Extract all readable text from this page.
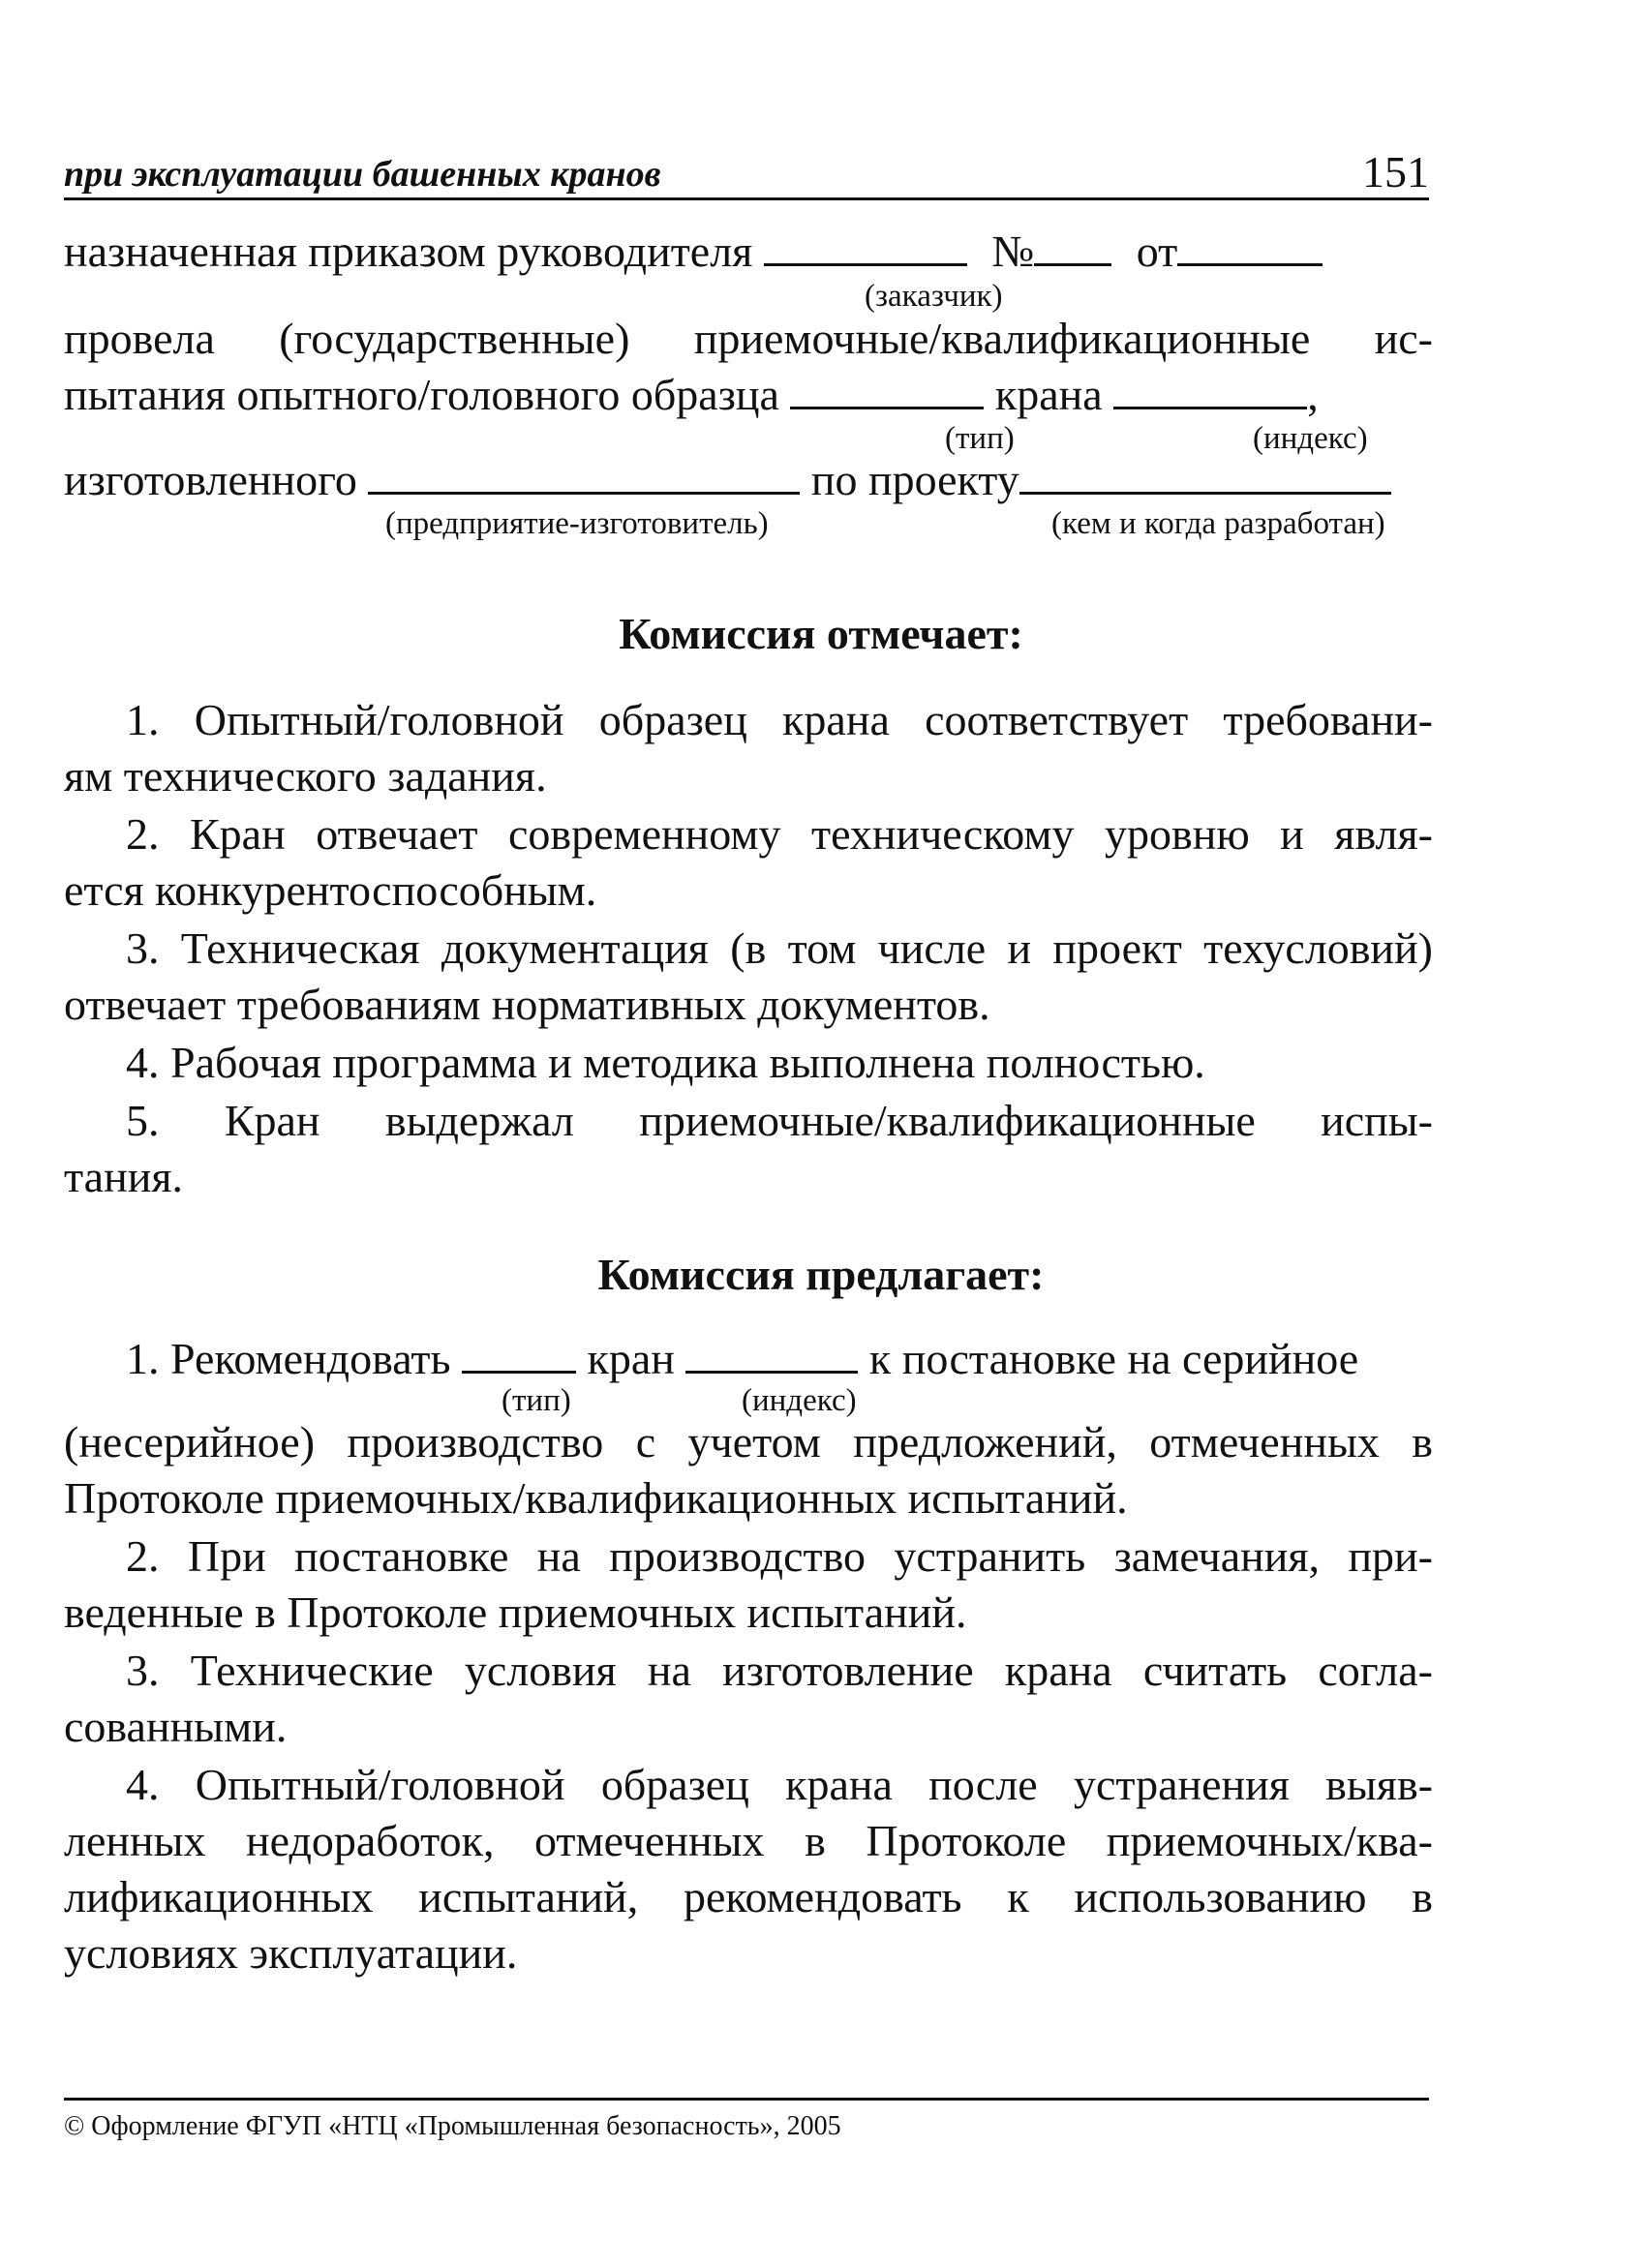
при эксплуатации башенных кранов	151
назначенная приказом руководителя	№ от
(заказчик)
провела (государственные) приемочные/квалификационные ис-
пытания опытного/головного образца	крана	,
(тип)	(индекс)
изготовленного	по проекту
(предприятие-изготовитель)	(кем и когда разработан)
Комиссия отмечает:
1. Опытный/головной образец крана соответствует требовани-
ям технического задания.
2. Кран отвечает современному техническому уровню и явля-
ется конкурентоспособным.
3. Техническая документация (в том числе и проект техусловий)
отвечает требованиям нормативных документов.
4. Рабочая программа и методика выполнена полностью.
5. Кран выдержал приемочные/квалификационные испы-
тания.
Комиссия предлагает:
1. Рекомендовать	кран	к постановке на серийное
(тип)	(индекс)
(несерийное) производство с учетом предложений, отмеченных в
Протоколе приемочных/квалификационных испытаний.
2. При постановке на производство устранить замечания, при-
веденные в Протоколе приемочных испытаний.
3. Технические условия на изготовление крана считать согла-
сованными.
4. Опытный/головной образец крана после устранения выяв-
ленных недоработок, отмеченных в Протоколе приемочных/ква-
лификационных испытаний, рекомендовать к использованию в
условиях эксплуатации.
© Оформление ФГУП «НТЦ «Промышленная безопасность», 2005
